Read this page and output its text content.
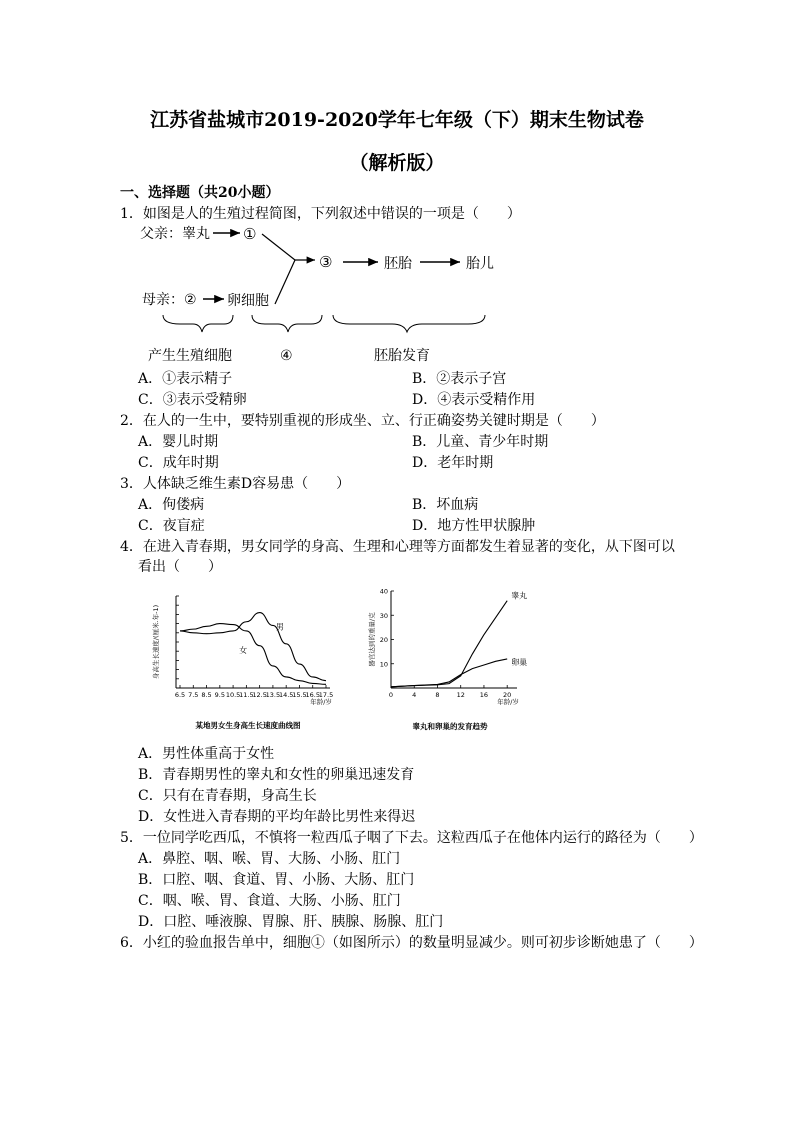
江苏省盐城市2019-2020学年七年级（下）期末生物试卷
（解析版）
一、选择题（共20小题）
1．如图是人的生殖过程简图，下列叙述中错误的一项是（　　）
父亲：睾丸 ①
③	胚胎	胎儿
母亲：② 卵细胞
产生生殖细胞	④	胚胎发育
A．①表示精子	B．②表示子宫
C．③表示受精卵	D．④表示受精作用
2．在人的一生中，要特别重视的形成坐、立、行正确姿势关键时期是（　　）
A．婴儿时期	B．儿童、青少年时期
C．成年时期	D．老年时期
3．人体缺乏维生素D容易患（　　）
A．佝偻病	B．坏血病
C．夜盲症	D．地方性甲状腺肿
4．在进入青春期，男女同学的身高、生理和心理等方面都发生着显著的变化，从下图可以
看出（　　）
6.5 7.5 8.5 9.5 10.5
11.5
12.5
13.5
14.5
15.5
16.5
17.5
年龄/岁
身高生长速度/(厘米.年-1)	男
女
某地男女生身高生长速度曲线图
10
20
30
40
0	4	8	12 16 20
年龄/岁
器官达到的重量/克
睾丸
卵巢
睾丸和卵巢的发育趋势
A．男性体重高于女性
B．青春期男性的睾丸和女性的卵巢迅速发育
C．只有在青春期，身高生长
D．女性进入青春期的平均年龄比男性来得迟
5．一位同学吃西瓜，不慎将一粒西瓜子咽了下去。这粒西瓜子在他体内运行的路径为（　　）
A．鼻腔、咽、喉、胃、大肠、小肠、肛门
B．口腔、咽、食道、胃、小肠、大肠、肛门
C．咽、喉、胃、食道、大肠、小肠、肛门
D．口腔、唾液腺、胃腺、肝、胰腺、肠腺、肛门
6．小红的验血报告单中，细胞①（如图所示）的数量明显减少。则可初步诊断她患了（　　）
